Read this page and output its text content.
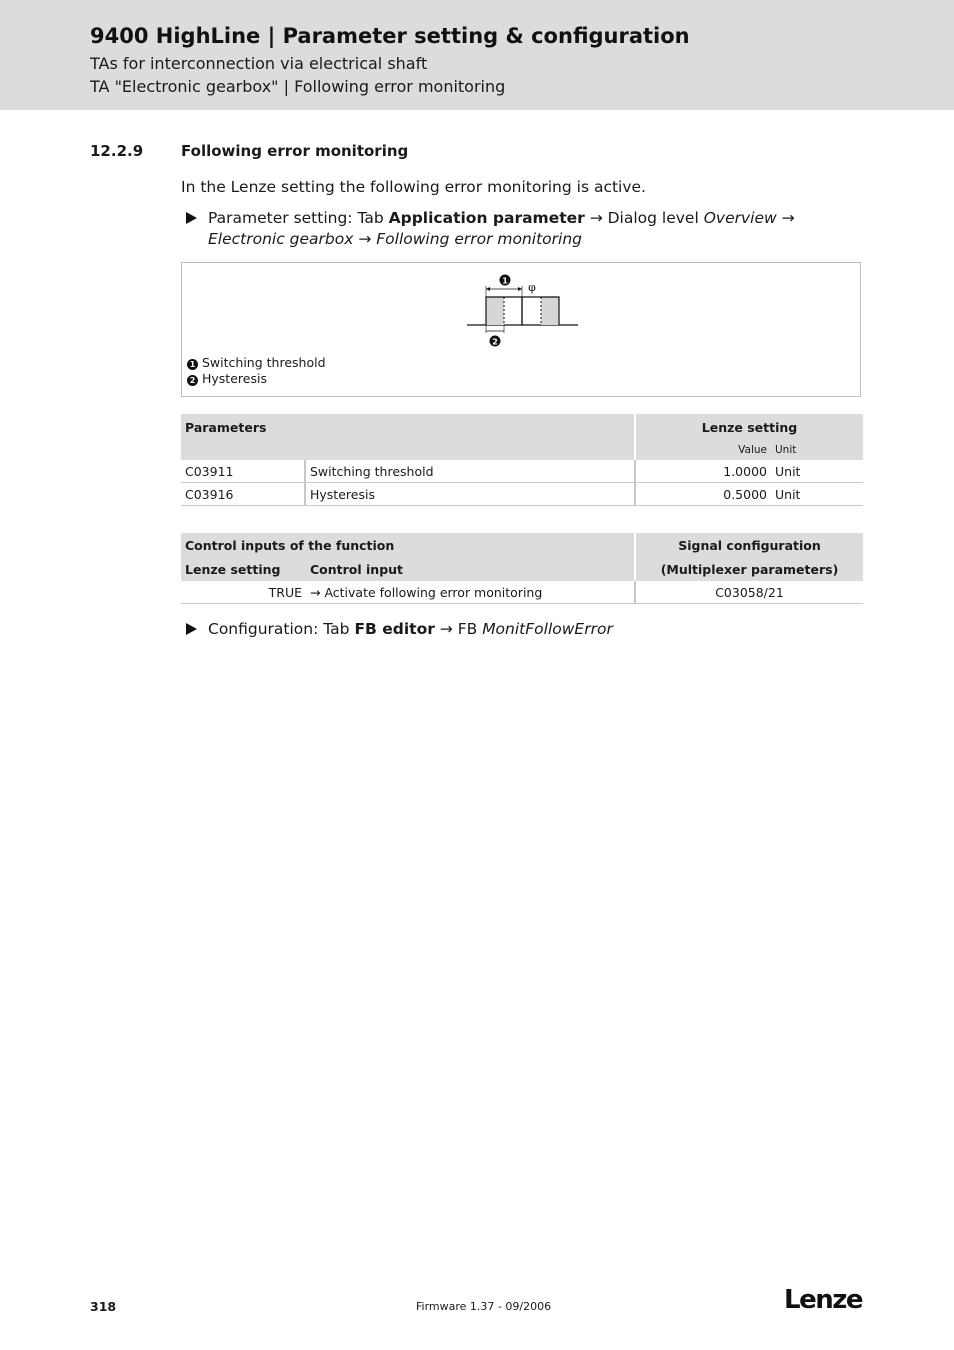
9400 HighLine | Parameter setting & configuration
TAs for interconnection via electrical shaft
TA "Electronic gearbox" | Following error monitoring
12.2.9	Following error monitoring
In the Lenze setting the following error monitoring is active.
Parameter setting: Tab Application parameter → Dialog level Overview → Electronic gearbox → Following error monitoring
1
2
φ
1 Switching threshold
2 Hysteresis
Parameters		Lenze setting	
		Value	Unit
C03911	Switching threshold	1.0000	Unit
C03916	Hysteresis	0.5000	Unit
Control inputs of the function		Signal configuration
Lenze setting	Control input	(Multiplexer parameters)
TRUE	→ Activate following error monitoring	C03058/21
Configuration: Tab FB editor → FB MonitFollowError
318	Firmware 1.37 - 09/2006	Lenze
